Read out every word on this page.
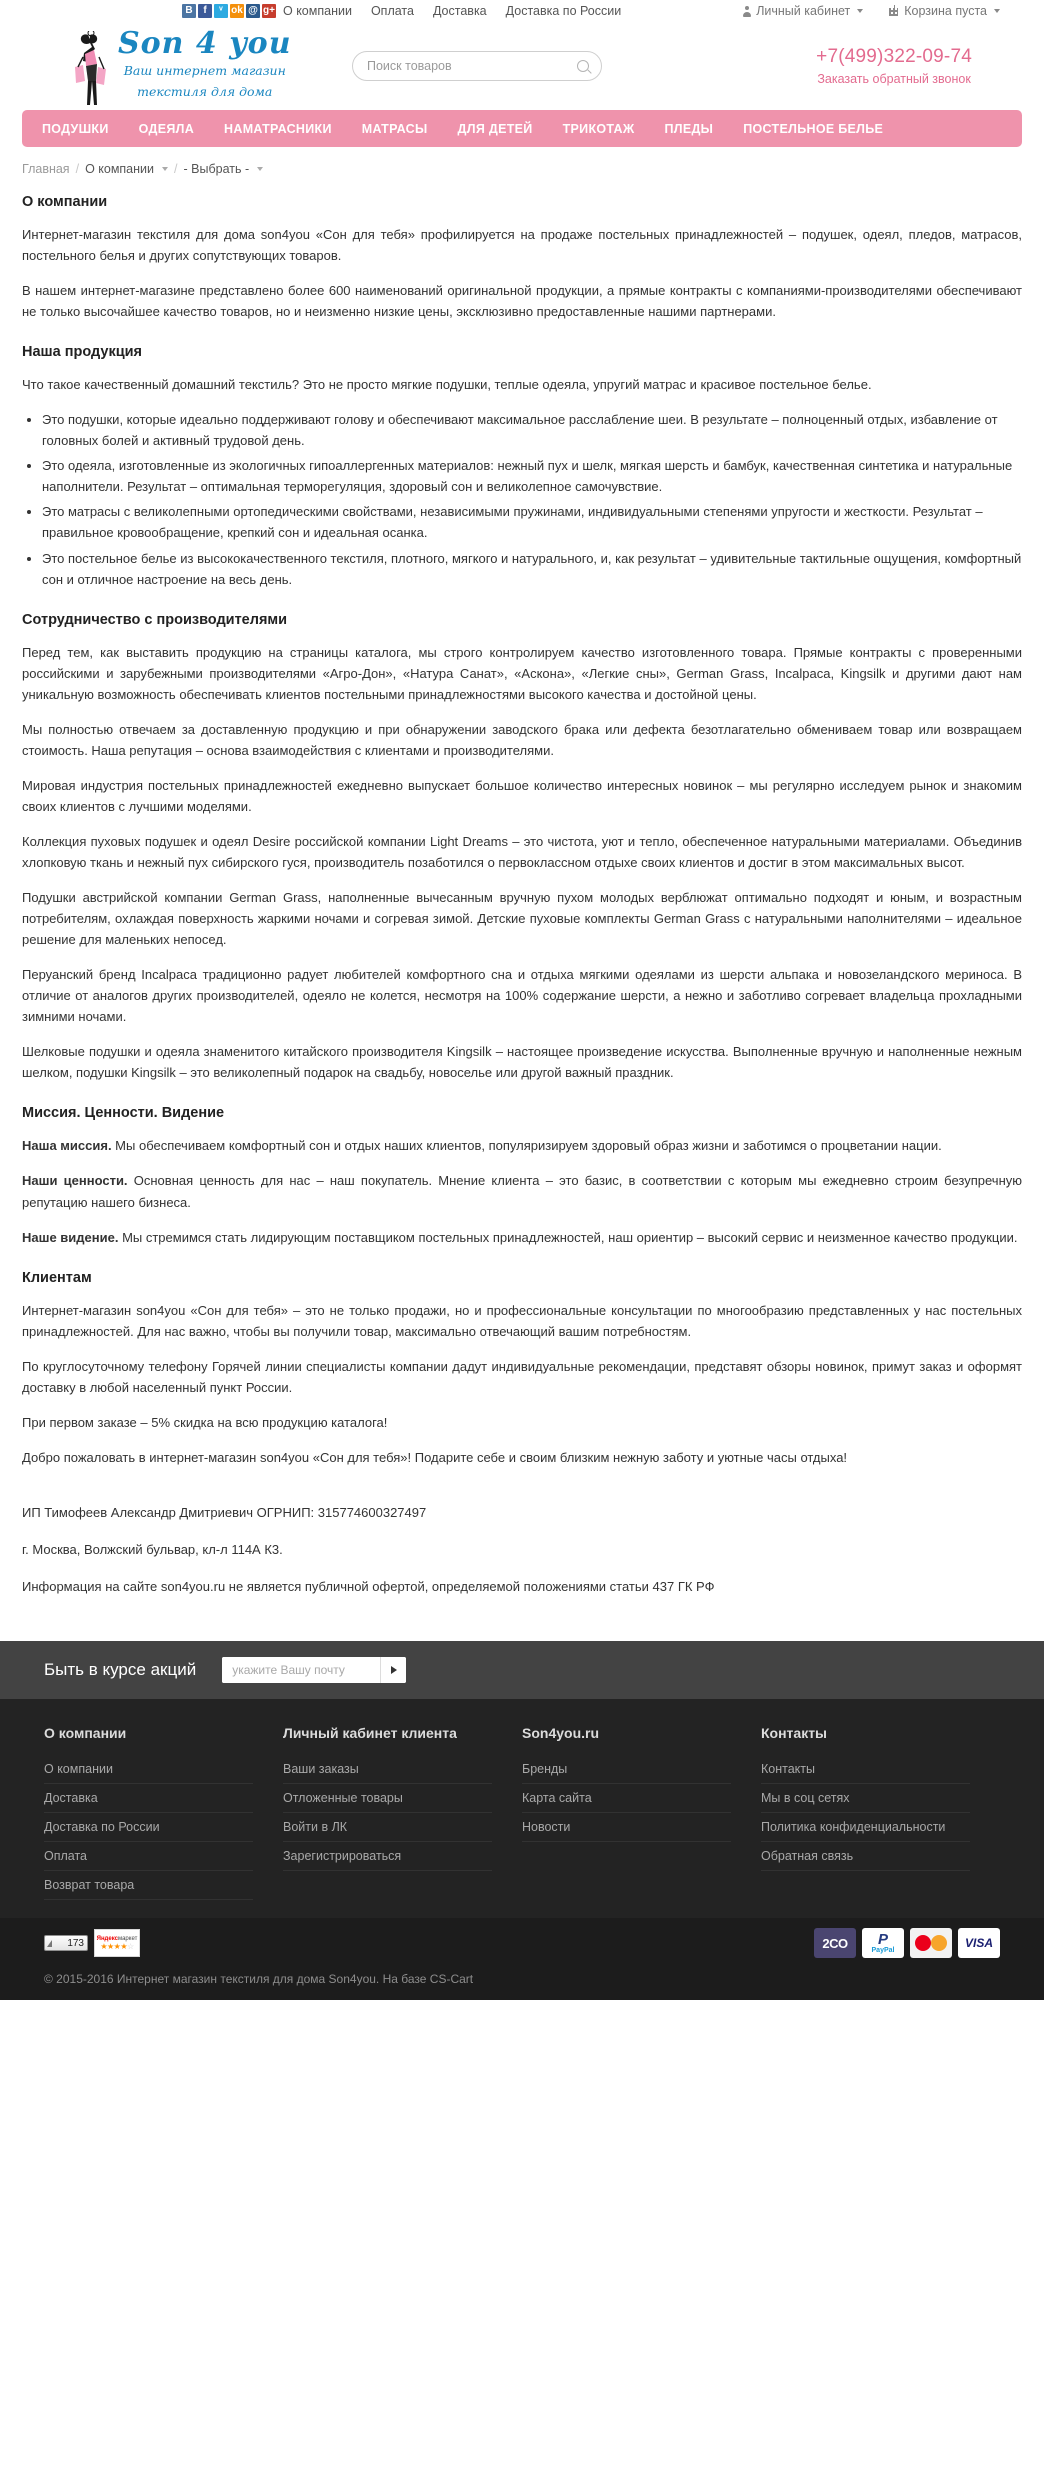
B	f	ᵛ ok @ g+ О компании Оплата Доставка Доставка по России	Личный кабинет	Корзина пуста
Son 4 you
Ваш интернет магазин
текстиля для дома
Поиск товаров
+7(499)322-09-74
Заказать обратный звонок
ПОДУШКИ ОДЕЯЛА НАМАТРАСНИКИ МАТРАСЫ ДЛЯ ДЕТЕЙ ТРИКОТАЖ ПЛЕДЫ ПОСТЕЛЬНОЕ БЕЛЬЕ
Главная / О компании / - Выбрать -
О компании

Интернет-магазин текстиля для дома son4you «Сон для тебя» профилируется на продаже постельных принадлежностей – подушек, одеял, пледов, матрасов, постельного белья и других сопутствующих товаров.

В нашем интернет-магазине представлено более 600 наименований оригинальной продукции, а прямые контракты с компаниями-производителями обеспечивают не только высочайшее качество товаров, но и неизменно низкие цены, эксклюзивно предоставленные нашими партнерами.

Наша продукция

Что такое качественный домашний текстиль? Это не просто мягкие подушки, теплые одеяла, упругий матрас и красивое постельное белье.

• Это подушки, которые идеально поддерживают голову и обеспечивают максимальное расслабление шеи. В результате – полноценный отдых, избавление от головных болей и активный трудовой день.
• Это одеяла, изготовленные из экологичных гипоаллергенных материалов: нежный пух и шелк, мягкая шерсть и бамбук, качественная синтетика и натуральные наполнители. Результат – оптимальная терморегуляция, здоровый сон и великолепное самочувствие.
• Это матрасы с великолепными ортопедическими свойствами, независимыми пружинами, индивидуальными степенями упругости и жесткости. Результат – правильное кровообращение, крепкий сон и идеальная осанка.
• Это постельное белье из высококачественного текстиля, плотного, мягкого и натурального, и, как результат – удивительные тактильные ощущения, комфортный сон и отличное настроение на весь день.
Сотрудничество с производителями

Перед тем, как выставить продукцию на страницы каталога, мы строго контролируем качество изготовленного товара. Прямые контракты с проверенными российскими и зарубежными производителями «Агро-Дон», «Натура Санат», «Аскона», «Легкие сны», German Grass, Incalpaca, Kingsilk и другими дают нам уникальную возможность обеспечивать клиентов постельными принадлежностями высокого качества и достойной цены.

Мы полностью отвечаем за доставленную продукцию и при обнаружении заводского брака или дефекта безотлагательно обмениваем товар или возвращаем стоимость. Наша репутация – основа взаимодействия с клиентами и производителями.

Мировая индустрия постельных принадлежностей ежедневно выпускает большое количество интересных новинок – мы регулярно исследуем рынок и знакомим своих клиентов с лучшими моделями.

Коллекция пуховых подушек и одеял Desire российской компании Light Dreams – это чистота, уют и тепло, обеспеченное натуральными материалами. Объединив хлопковую ткань и нежный пух сибирского гуся, производитель позаботился о первоклассном отдыхе своих клиентов и достиг в этом максимальных высот.

Подушки австрийской компании German Grass, наполненные вычесанным вручную пухом молодых верблюжат оптимально подходят и юным, и возрастным потребителям, охлаждая поверхность жаркими ночами и согревая зимой. Детские пуховые комплекты German Grass с натуральными наполнителями – идеальное решение для маленьких непосед.

Перуанский бренд Incalpaca традиционно радует любителей комфортного сна и отдыха мягкими одеялами из шерсти альпака и новозеландского мериноса. В отличие от аналогов других производителей, одеяло не колется, несмотря на 100% содержание шерсти, а нежно и заботливо согревает владельца прохладными зимними ночами.

Шелковые подушки и одеяла знаменитого китайского производителя Kingsilk – настоящее произведение искусства. Выполненные вручную и наполненные нежным шелком, подушки Kingsilk – это великолепный подарок на свадьбу, новоселье или другой важный праздник.

Миссия. Ценности. Видение

Наша миссия. Мы обеспечиваем комфортный сон и отдых наших клиентов, популяризируем здоровый образ жизни и заботимся о процветании нации.

Наши ценности. Основная ценность для нас – наш покупатель. Мнение клиента – это базис, в соответствии с которым мы ежедневно строим безупречную репутацию нашего бизнеса.

Наше видение. Мы стремимся стать лидирующим поставщиком постельных принадлежностей, наш ориентир – высокий сервис и неизменное качество продукции.

Клиентам

Интернет-магазин son4you «Сон для тебя» – это не только продажи, но и профессиональные консультации по многообразию представленных у нас постельных принадлежностей. Для нас важно, чтобы вы получили товар, максимально отвечающий вашим потребностям.

По круглосуточному телефону Горячей линии специалисты компании дадут индивидуальные рекомендации, представят обзоры новинок, примут заказ и оформят доставку в любой населенный пункт России.

При первом заказе – 5% скидка на всю продукцию каталога!

Добро пожаловать в интернет-магазин son4you «Сон для тебя»! Подарите себе и своим близким нежную заботу и уютные часы отдыха!

ИП Тимофеев Александр Дмитриевич ОГРНИП: 315774600327497

г. Москва, Волжский бульвар, кл-л 114А К3.

Информация на сайте son4you.ru не является публичной офертой, определяемой положениями статьи 437 ГК РФ

Быть в курсе акций
укажите Вашу почту
О компании
О компании
Доставка
Доставка по России
Оплата
Возврат товара
Личный кабинет клиента
Ваши заказы
Отложенные товары
Войти в ЛК
Зарегистрироваться
Son4you.ru
Бренды
Карта сайта
Новости
Контакты
Контакты
Мы в соц сетях
Политика конфиденциальности
Обратная связь
173	Яндексмаркет
★★★★☆	2CO	P
PayPal
VISA
© 2015-2016 Интернет магазин текстиля для дома Son4you. На базе CS-Cart
